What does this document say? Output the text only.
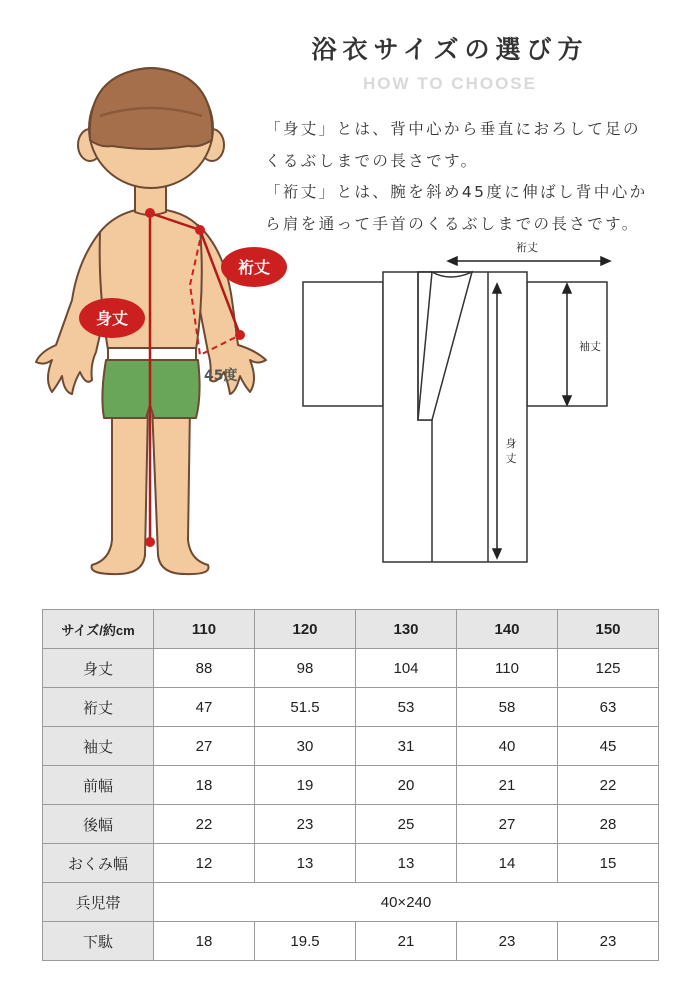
浴衣サイズの選び方
HOW TO CHOOSE
「身丈」とは、背中心から垂直におろして足の
くるぶしまでの長さです。
「裄丈」とは、腕を斜め45度に伸ばし背中心か
ら肩を通って手首のくるぶしまでの長さです。
身丈
裄丈
45度
裄丈
袖丈
身
丈
サイズ/約cm	110	120	130	140	150
身丈	88	98	104	110	125
裄丈	47	51.5	53	58	63
袖丈	27	30	31	40	45
前幅	18	19	20	21	22
後幅	22	23	25	27	28
おくみ幅	12	13	13	14	15
兵児帯	40×240				
下駄	18	19.5	21	23	23
